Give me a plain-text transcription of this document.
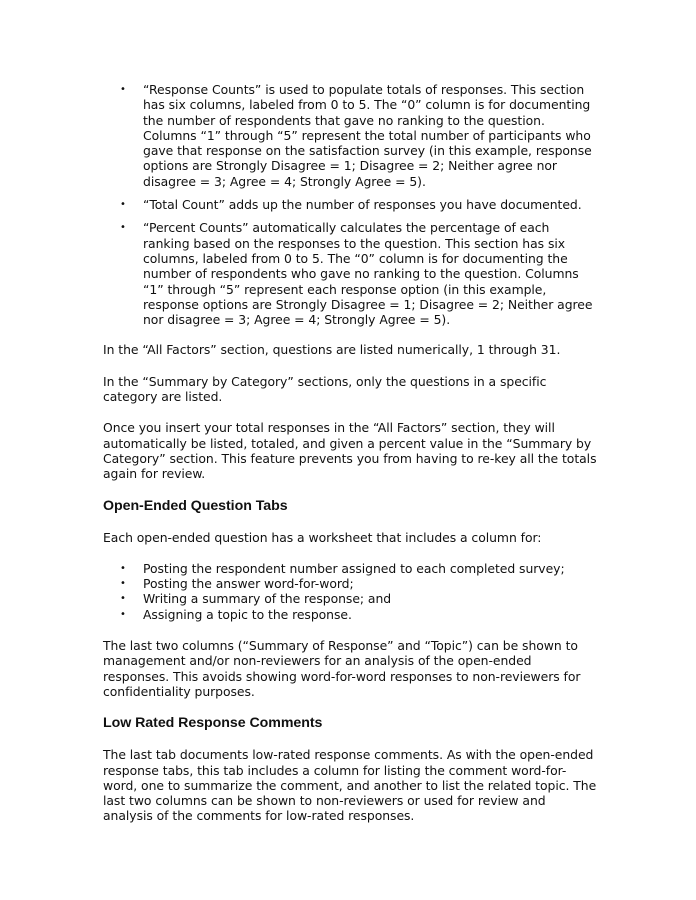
• “Response Counts” is used to populate totals of responses. This section has six columns, labeled from 0 to 5. The “0” column is for documenting the number of respondents that gave no ranking to the question. Columns “1” through “5” represent the total number of participants who gave that response on the satisfaction survey (in this example, response options are Strongly Disagree = 1; Disagree = 2; Neither agree nor disagree = 3; Agree = 4; Strongly Agree = 5).
• “Total Count” adds up the number of responses you have documented.
• “Percent Counts” automatically calculates the percentage of each ranking based on the responses to the question. This section has six columns, labeled from 0 to 5. The “0” column is for documenting the number of respondents who gave no ranking to the question. Columns “1” through “5” represent each response option (in this example, response options are Strongly Disagree = 1; Disagree = 2; Neither agree nor disagree = 3; Agree = 4; Strongly Agree = 5).

In the “All Factors” section, questions are listed numerically, 1 through 31.

In the “Summary by Category” sections, only the questions in a specific category are listed.

Once you insert your total responses in the “All Factors” section, they will automatically be listed, totaled, and given a percent value in the “Summary by Category” section. This feature prevents you from having to re-key all the totals again for review.

Open-Ended Question Tabs

Each open-ended question has a worksheet that includes a column for:

• Posting the respondent number assigned to each completed survey;
• Posting the answer word-for-word;
• Writing a summary of the response; and
• Assigning a topic to the response.

The last two columns (“Summary of Response” and “Topic”) can be shown to management and/or non-reviewers for an analysis of the open-ended responses. This avoids showing word-for-word responses to non-reviewers for confidentiality purposes.

Low Rated Response Comments

The last tab documents low-rated response comments. As with the open-ended response tabs, this tab includes a column for listing the comment word-for-word, one to summarize the comment, and another to list the related topic. The last two columns can be shown to non-reviewers or used for review and analysis of the comments for low-rated responses.
